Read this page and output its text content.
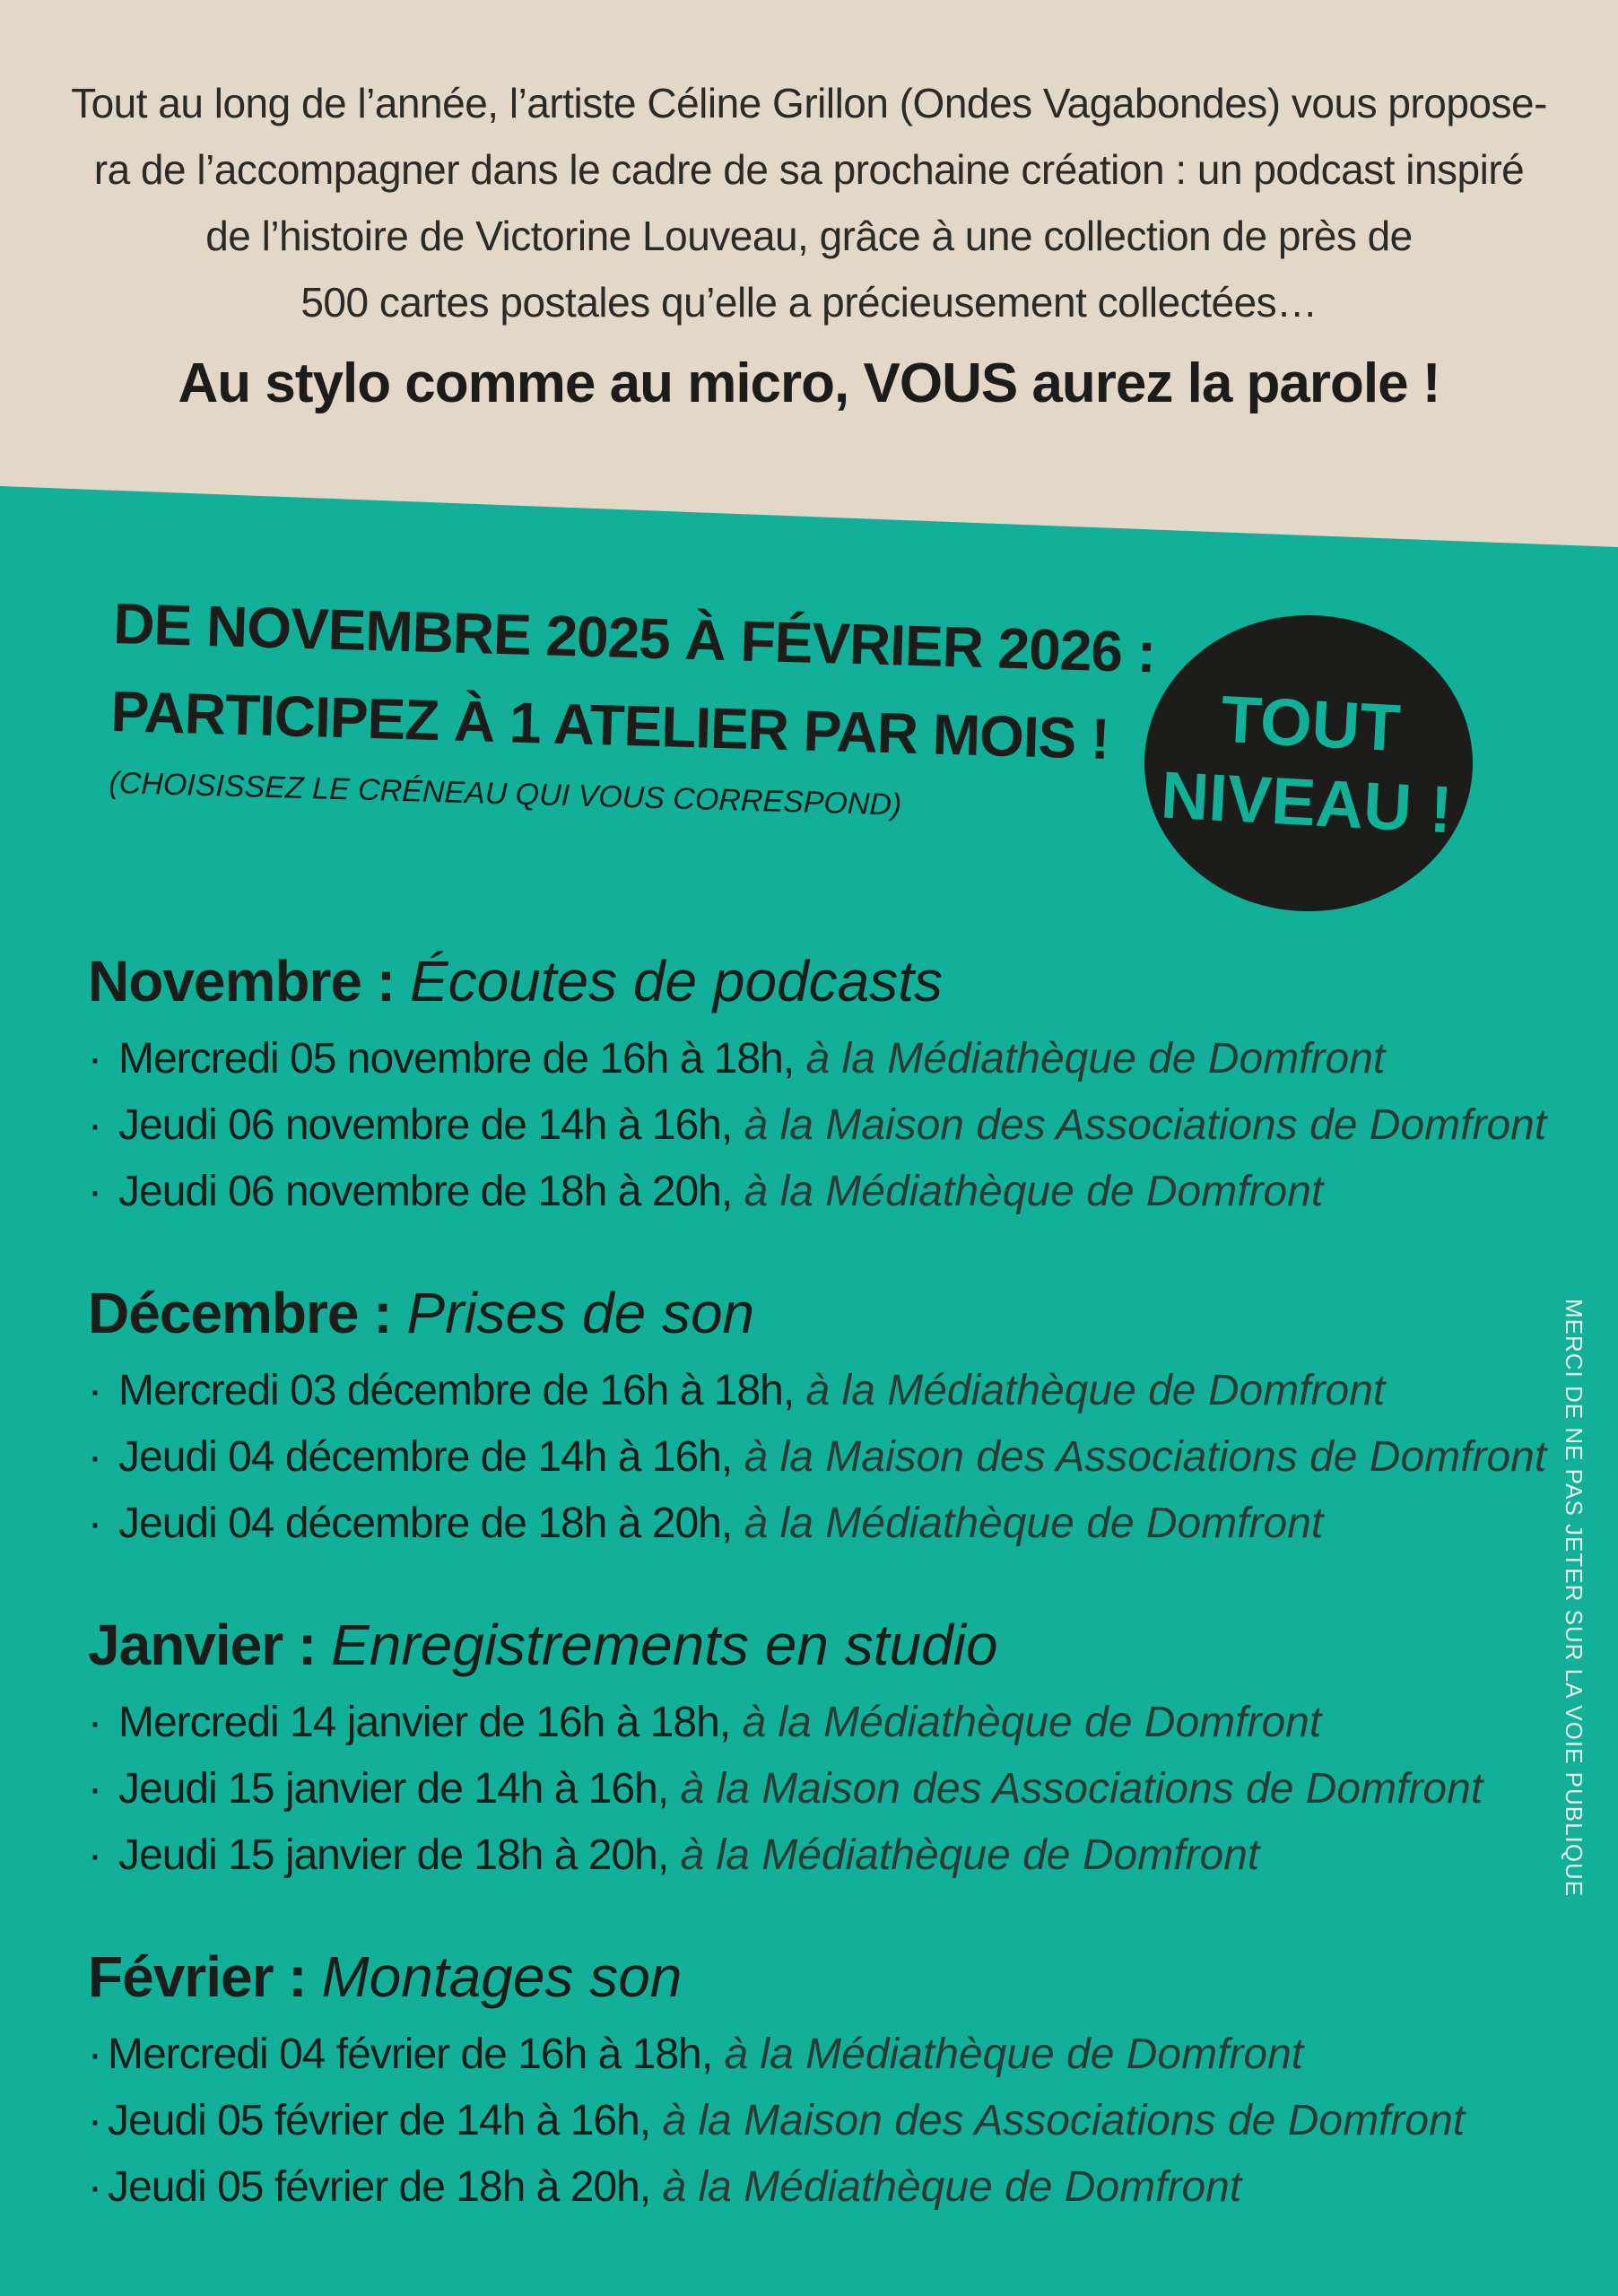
Tout au long de l’année, l’artiste Céline Grillon (Ondes Vagabondes) vous propose-
ra de l’accompagner dans le cadre de sa prochaine création : un podcast inspiré
de l’histoire de Victorine Louveau, grâce à une collection de près de
500 cartes postales qu’elle a précieusement collectées…
Au stylo comme au micro, VOUS aurez la parole !
DE NOVEMBRE 2025 À FÉVRIER 2026 :
PARTICIPEZ À 1 ATELIER PAR MOIS !
(CHOISISSEZ LE CRÉNEAU QUI VOUS CORRESPOND)
TOUT
NIVEAU !
Novembre : Écoutes de podcasts
· Mercredi 05 novembre de 16h à 18h, à la Médiathèque de Domfront
· Jeudi 06 novembre de 14h à 16h, à la Maison des Associations de Domfront
· Jeudi 06 novembre de 18h à 20h, à la Médiathèque de Domfront
Décembre : Prises de son
· Mercredi 03 décembre de 16h à 18h, à la Médiathèque de Domfront
· Jeudi 04 décembre de 14h à 16h, à la Maison des Associations de Domfront
· Jeudi 04 décembre de 18h à 20h, à la Médiathèque de Domfront
Janvier : Enregistrements en studio
· Mercredi 14 janvier de 16h à 18h, à la Médiathèque de Domfront
· Jeudi 15 janvier de 14h à 16h, à la Maison des Associations de Domfront
· Jeudi 15 janvier de 18h à 20h, à la Médiathèque de Domfront
Février : Montages son
· Mercredi 04 février de 16h à 18h, à la Médiathèque de Domfront
· Jeudi 05 février de 14h à 16h, à la Maison des Associations de Domfront
· Jeudi 05 février de 18h à 20h, à la Médiathèque de Domfront
MERCI DE NE PAS JETER SUR LA VOIE PUBLIQUE
